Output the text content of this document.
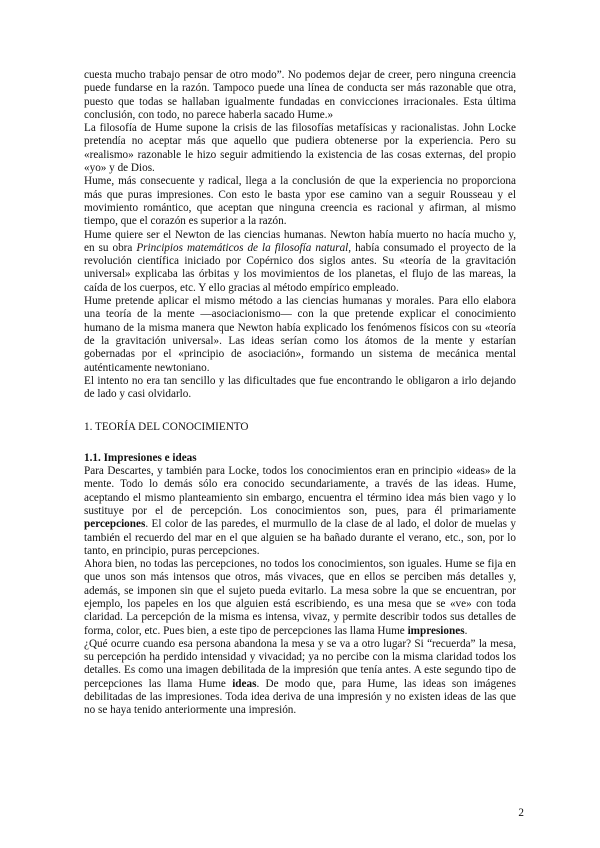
cuesta mucho trabajo pensar de otro modo”. No podemos dejar de creer, pero ninguna creencia puede fundarse en la razón. Tampoco puede una línea de conducta ser más razonable que otra, puesto que todas se hallaban igualmente fundadas en convicciones irracionales. Esta última conclusión, con todo, no parece haberla sacado Hume.»

La filosofía de Hume supone la crisis de las filosofías metafísicas y racionalistas. John Locke pretendía no aceptar más que aquello que pudiera obtenerse por la experiencia. Pero su «realismo» razonable le hizo seguir admitiendo la existencia de las cosas externas, del propio «yo» y de Dios.

Hume, más consecuente y radical, llega a la conclusión de que la experiencia no proporciona más que puras impresiones. Con esto le basta ypor ese camino van a seguir Rousseau y el movimiento romántico, que aceptan que ninguna creencia es racional y afirman, al mismo tiempo, que el corazón es superior a la razón.

Hume quiere ser el Newton de las ciencias humanas. Newton había muerto no hacía mucho y, en su obra Principios matemáticos de la filosofía natural, había consumado el proyecto de la revolución científica iniciado por Copérnico dos siglos antes. Su «teoría de la gravitación universal» explicaba las órbitas y los movimientos de los planetas, el flujo de las mareas, la caída de los cuerpos, etc. Y ello gracias al método empírico empleado.

Hume pretende aplicar el mismo método a las ciencias humanas y morales. Para ello elabora una teoría de la mente —asociacionismo— con la que pretende explicar el conocimiento humano de la misma manera que Newton había explicado los fenómenos físicos con su «teoría de la gravitación universal». Las ideas serían como los átomos de la mente y estarían gobernadas por el «principio de asociación», formando un sistema de mecánica mental auténticamente newtoniano.

El intento no era tan sencillo y las dificultades que fue encontrando le obligaron a irlo dejando de lado y casi olvidarlo.

1. TEORÍA DEL CONOCIMIENTO

1.1. Impresiones e ideas

Para Descartes, y también para Locke, todos los conocimientos eran en principio «ideas» de la mente. Todo lo demás sólo era conocido secundariamente, a través de las ideas. Hume, aceptando el mismo planteamiento sin embargo, encuentra el término idea más bien vago y lo sustituye por el de percepción. Los conocimientos son, pues, para él primariamente percepciones. El color de las paredes, el murmullo de la clase de al lado, el dolor de muelas y también el recuerdo del mar en el que alguien se ha bañado durante el verano, etc., son, por lo tanto, en principio, puras percepciones.

Ahora bien, no todas las percepciones, no todos los conocimientos, son iguales. Hume se fija en que unos son más intensos que otros, más vivaces, que en ellos se perciben más detalles y, además, se imponen sin que el sujeto pueda evitarlo. La mesa sobre la que se encuentran, por ejemplo, los papeles en los que alguien está escribiendo, es una mesa que se «ve» con toda claridad. La percepción de la misma es intensa, vivaz, y permite describir todos sus detalles de forma, color, etc. Pues bien, a este tipo de percepciones las llama Hume impresiones.

¿Qué ocurre cuando esa persona abandona la mesa y se va a otro lugar? Si “recuerda” la mesa, su percepción ha perdido intensidad y vivacidad; ya no percibe con la misma claridad todos los detalles. Es como una imagen debilitada de la impresión que tenía antes. A este segundo tipo de percepciones las llama Hume ideas. De modo que, para Hume, las ideas son imágenes debilitadas de las impresiones. Toda idea deriva de una impresión y no existen ideas de las que no se haya tenido anteriormente una impresión.

2
